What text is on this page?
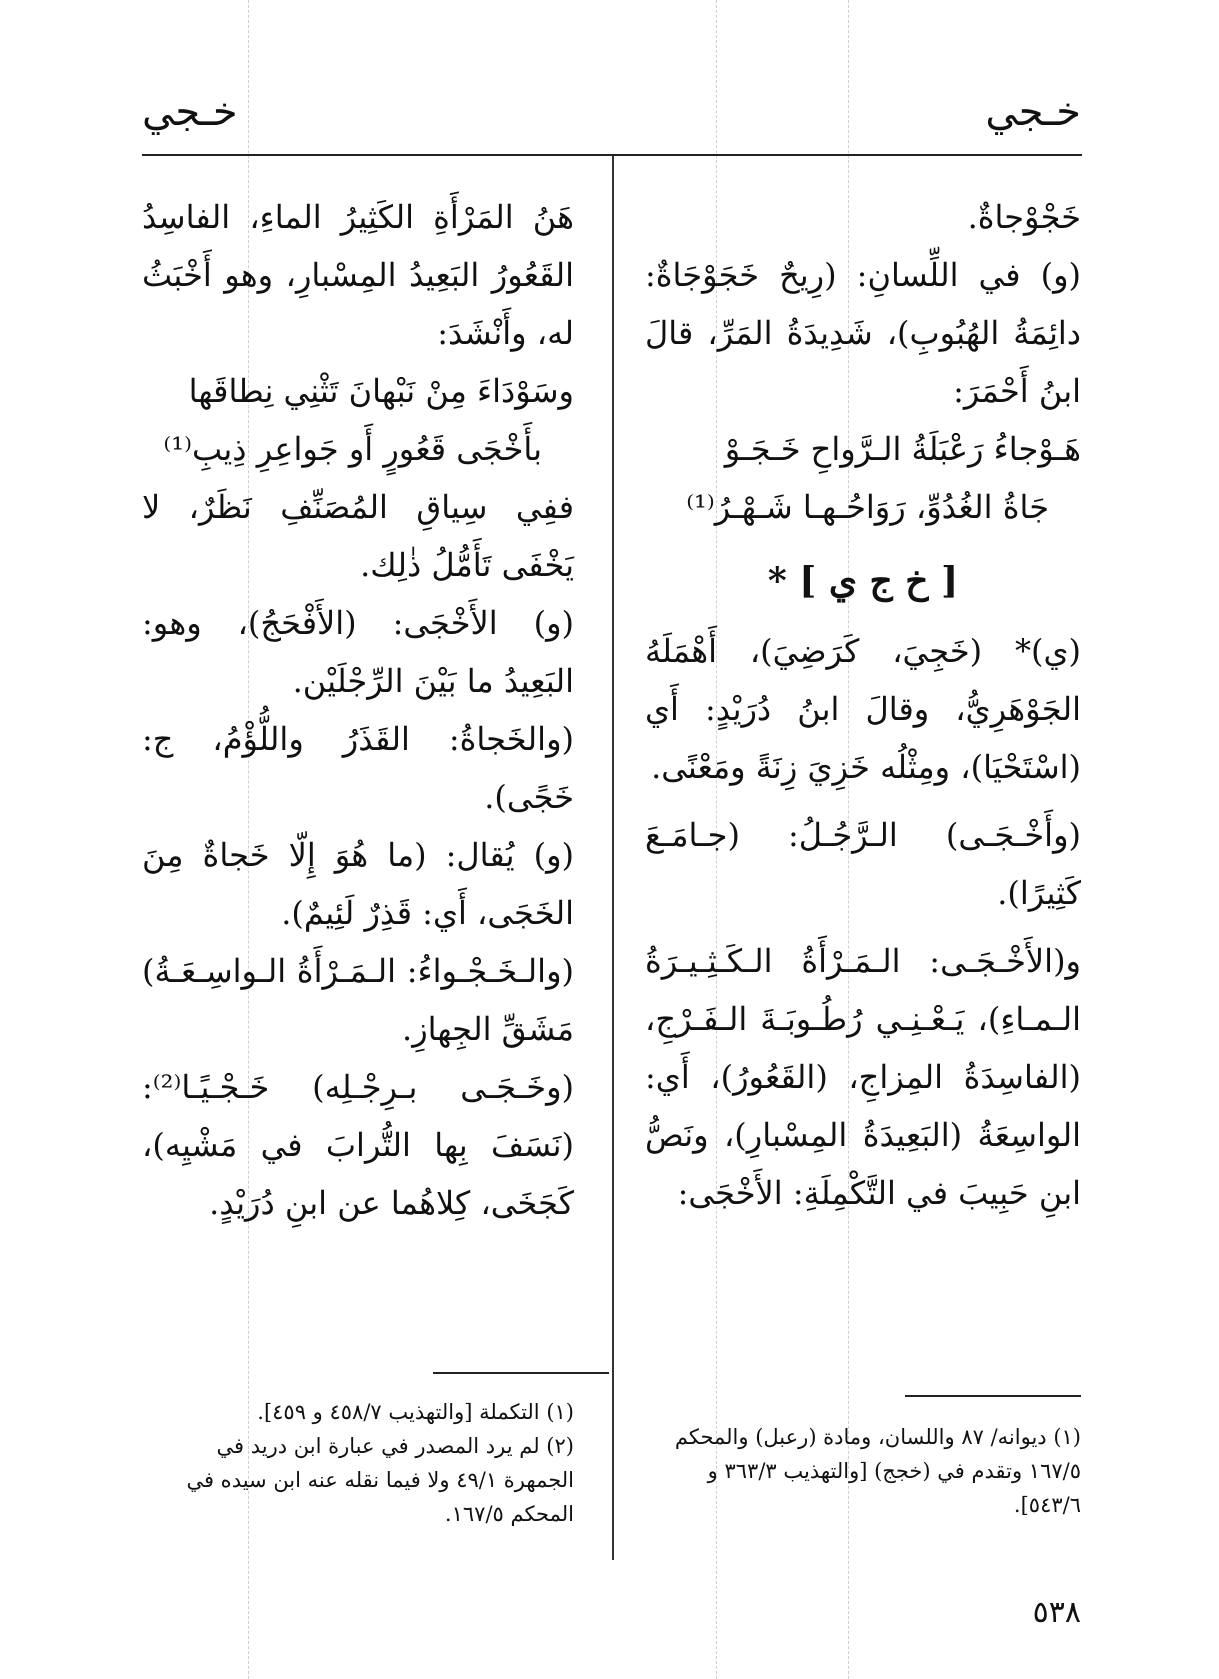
خـجي
خـجي

خَجْوْجاةٌ.

(و) في اللِّسانِ: (رِيحٌ خَجَوْجَاةٌ: دائِمَةُ الهُبُوبِ)، شَدِيدَةُ المَرِّ، قالَ ابنُ أَحْمَرَ:

هَـوْجاءُ رَعْبَلَةُ الـرَّواحِ خَـجَـوْ

جَاةُ الغُدُوِّ، رَوَاحُـهـا شَـهْـرُ⁽¹⁾

[ خ ج ي ] *

(ي)* (خَجِيَ، كَرَضِيَ)، أَهْمَلَهُ الجَوْهَرِيُّ، وقالَ ابنُ دُرَيْدٍ: أَي (اسْتَحْيَا)، ومِثْلُه خَزِيَ زِنَةً ومَعْنًى.

(وأَخْـجَـى) الـرَّجُـلُ: (جـامَـعَ كَثِيرًا).

و(الأَخْـجَـى: الـمَـرْأَةُ الـكَـثِـيـرَةُ الـمـاءِ)، يَـعْـنِـي رُطُـوبَـةَ الـفَـرْجِ، (الفاسِدَةُ المِزاجِ، (القَعُورُ)، أَي: الواسِعَةُ (البَعِيدَةُ المِسْبارِ)، ونَصُّ ابنِ حَبِيبَ في التَّكْمِلَةِ: الأَخْجَى:

هَنُ المَرْأَةِ الكَثِيرُ الماءِ، الفاسِدُ القَعُورُ البَعِيدُ المِسْبارِ، وهو أَخْبَثُ له، وأَنْشَدَ:

وسَوْدَاءَ مِنْ نَبْهانَ تَثْنِي نِطاقَها

بأَخْجَى قَعُورٍ أَو جَواعِرِ ذِيبِ⁽¹⁾

ففِي سِياقِ المُصَنِّفِ نَظَرٌ، لا يَخْفَى تَأَمُّلُ ذٰلِك.

(و) الأَخْجَى: (الأَفْحَجُ)، وهو: البَعِيدُ ما بَيْنَ الرِّجْلَيْن.

(والخَجاةُ: القَذَرُ واللُّؤْمُ، ج: خَجًى).

(و) يُقال: (ما هُوَ إِلّا خَجاةٌ مِنَ الخَجَى، أَي: قَذِرٌ لَئِيمٌ).

(والـخَـجْـواءُ: الـمَـرْأَةُ الـواسِـعَـةُ) مَشَقِّ الجِهازِ.

(وخَـجَـى بـرِجْـلِه) خَـجْـيًـا⁽²⁾: (نَسَفَ بِها التُّرابَ في مَشْيِه)، كَجَخَى، كِلاهُما عن ابنِ دُرَيْدٍ.

(١) ديوانه/ ٨٧ واللسان، ومادة (رعبل) والمحكم ١٦٧/٥ وتقدم في (خجج) [والتهذيب ٣٦٣/٣ و ٥٤٣/٦].

(١) التكملة [والتهذيب ٤٥٨/٧ و ٤٥٩].

(٢) لم يرد المصدر في عبارة ابن دريد في الجمهرة ٤٩/١ ولا فيما نقله عنه ابن سيده في المحكم ١٦٧/٥.

٥٣٨
